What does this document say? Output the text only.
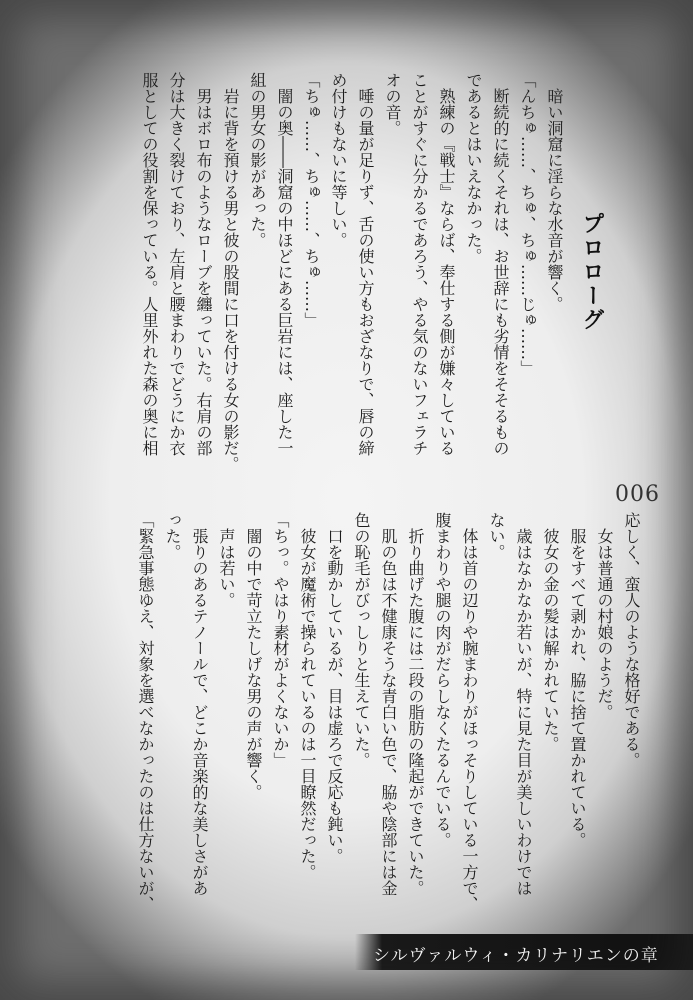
プロローグ
　暗い洞窟に淫らな水音が響く。
「んちゅ……、ちゅ、ちゅ……じゅ……」
　断続的に続くそれは、お世辞にも劣情をそそるもの
であるとはいえなかった。
　熟練の『戦士』ならば、奉仕する側が嫌々している
ことがすぐに分かるであろう、やる気のないフェラチ
オの音。
　唾の量が足りず、舌の使い方もおざなりで、唇の締
め付けもないに等しい。
「ちゅ……、ちゅ……、ちゅ……」
　闇の奥――洞窟の中ほどにある巨岩には、座した一
組の男女の影があった。
　岩に背を預ける男と彼の股間に口を付ける女の影だ。
　男はボロ布のようなローブを纏っていた。右肩の部
分は大きく裂けており、左肩と腰まわりでどうにか衣
服としての役割を保っている。人里外れた森の奥に相
006
応しく、蛮人のような格好である。
　女は普通の村娘のようだ。
　服をすべて剥かれ、脇に捨て置かれている。
　彼女の金の髪は解かれていた。
　歳はなかなか若いが、特に見た目が美しいわけでは
ない。
　体は首の辺りや腕まわりがほっそりしている一方で、
腹まわりや腿の肉がだらしなくたるんでいる。
　折り曲げた腹には二段の脂肪の隆起ができていた。
　肌の色は不健康そうな青白い色で、脇や陰部には金
色の恥毛がびっしりと生えていた。
　口を動かしているが、目は虚ろで反応も鈍い。
　彼女が魔術で操られているのは一目瞭然だった。
「ちっ。やはり素材がよくないか」
　闇の中で苛立たしげな男の声が響く。
　声は若い。
　張りのあるテノールで、どこか音楽的な美しさがあ
った。
「緊急事態ゆえ、対象を選べなかったのは仕方ないが、
シルヴァルウィ・カリナリエンの章
